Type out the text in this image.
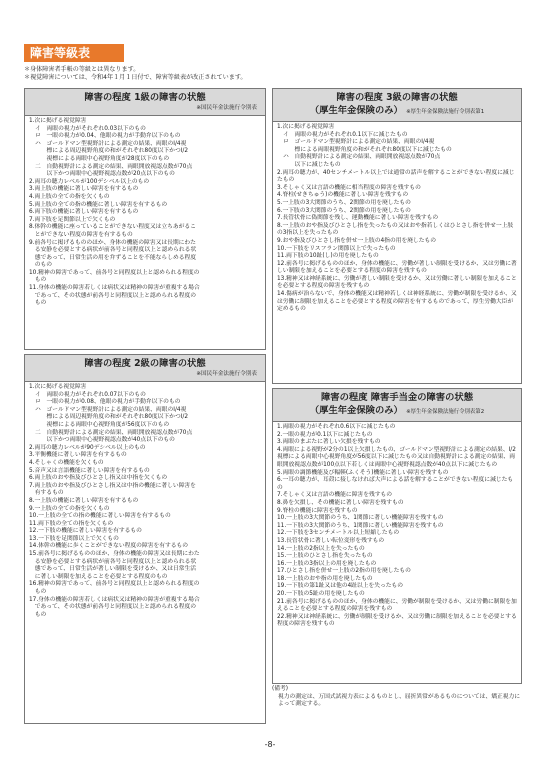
障害等級表
＊身体障害者手帳の等級とは異なります。
＊視覚障害については、令和4年１月１日付で、障害等級表が改正されています。
障害の程度 1級の障害の状態
※国民年金法施行令別表
1.次に掲げる視覚障害
イ　両眼の視力がそれぞれ0.03以下のもの
ロ　一眼の視力が0.04、他眼の視力が手動弁以下のもの
ハ　ゴールドマン型視野計による測定の結果、両眼のⅠ/4視
　　標による周辺視野角度の和がそれぞれ80度以下かつⅠ/2
　　視標による両眼中心視野角度が28度以下のもの
二　自動視野計による測定の結果、両眼開放視認点数が70点
　　以下かつ両眼中心視野視認点数が20点以下のもの
2.両耳の聴力レベルが100デシベル以上のもの
3.両上肢の機能に著しい障害を有するもの
4.両上肢の全ての指を欠くもの
5.両上肢の全ての指の機能に著しい障害を有するもの
6.両下肢の機能に著しい障害を有するもの
7.両下肢を足関節以上で欠くもの
8.体幹の機能に座っていることができない程度又は立ちあがるこ
　とができない程度の障害を有するもの
9.前各号に掲げるもののほか、身体の機能の障害又は長期にわた
　る安静を必要とする病状が前各号と同程度以上と認められる状
　態であって、日常生活の用を弁ずることを不能ならしめる程度
　のもの
10.精神の障害であって、前各号と同程度以上と認められる程度の
　もの
11.身体の機能の障害若しくは病状又は精神の障害が重複する場合
　であって、その状態が前各号と同程度以上と認められる程度の
　もの
障害の程度 2級の障害の状態
※国民年金法施行令別表
1.次に掲げる視覚障害
イ　両眼の視力がそれぞれ0.07以下のもの
ロ　一眼の視力が0.08、他眼の視力が手動弁以下のもの
ハ　ゴールドマン型視野計による測定の結果、両眼のⅠ/4視
　　標による周辺視野角度の和がそれぞれ80度以下かつⅠ/2
　　視標による両眼中心視野角度が56度以下のもの
二　自動視野計による測定の結果、両眼開放視認点数が70点
　　以下かつ両眼中心視野視認点数が40点以下のもの
2.両耳の聴力レベルが90デシベル以上のもの
3.平衡機能に著しい障害を有するもの
4.そしゃくの機能を欠くもの
5.音声又は言語機能に著しい障害を有するもの
6.両上肢のおや指及びひとさし指又は中指を欠くもの
7.両上肢のおや指及びひとさし指又は中指の機能に著しい障害を
　有するもの
8.一上肢の機能に著しい障害を有するもの
9.一上肢の全ての指を欠くもの
10.一上肢の全ての指の機能に著しい障害を有するもの
11.両下肢の全ての指を欠くもの
12.一下肢の機能に著しい障害を有するもの
13.一下肢を足関節以上で欠くもの
14.体幹の機能に歩くことができない程度の障害を有するもの
15.前各号に掲げるもののほか、身体の機能の障害又は長期にわた
　る安静を必要とする病状が前各号と同程度以上と認められる状
　態であって、日常生活が著しい制限を受けるか、又は日常生活
　に著しい制限を加えることを必要とする程度のもの
16.精神の障害であって、前各号と同程度以上と認められる程度の
　もの
17.身体の機能の障害若しくは病状又は精神の障害が重複する場合
　であって、その状態が前各号と同程度以上と認められる程度の
　もの
障害の程度 3級の障害の状態
（厚生年金保険のみ） ※厚生年金保険法施行令別表第1
1.次に掲げる視覚障害
イ　両眼の視力がそれぞれ0.1以下に減じたもの
ロ　ゴールドマン型視野計による測定の結果、両眼のⅠ/4視
　　標による両眼視野角度の和がそれぞれ80度以下に減じたもの
ハ　自動視野計による測定の結果、両眼開放視認点数が70点
　　以下に減じたもの
2.両耳の聴力が、40センチメートル以上では通常の話声を解することができない程度に減じたもの
3.そしゃく又は言語の機能に相当程度の障害を残すもの
4.脊柱(せきちゅう)の機能に著しい障害を残すもの
5.一上肢の3大関節のうち、2関節の用を廃したもの
6.一下肢の3大関節のうち、2関節の用を廃したもの
7.長管状骨に偽関節を残し、運動機能に著しい障害を残すもの
8.一上肢のおや指及びひとさし指を失ったもの又はおや指若しくはひとさし指を併せ一上肢の3指以上を失ったもの
9.おや指及びひとさし指を併せ一上肢の4指の用を廃したもの
10.一下肢をリスフラン関節以上で失ったもの
11.両下肢の10趾(し)の用を廃したもの
12.前各号に掲げるもののほか、身体の機能に、労働が著しい制限を受けるか、又は労働に著しい制限を加えることを必要とする程度の障害を残すもの
13.精神又は神経系統に、労働が著しい制限を受けるか、又は労働に著しい制限を加えることを必要とする程度の障害を残すもの
14.傷病が治らないで、身体の機能又は精神若しくは神経系統に、労働が制限を受けるか、又は労働に制限を加えることを必要とする程度の障害を有するものであって、厚生労働大臣が定めるもの
障害の程度 障害手当金の障害の状態
（厚生年金保険のみ） ※厚生年金保険法施行令別表第2
1.両眼の視力がそれぞれ0.6以下に減じたもの
2.一眼の視力が0.1以下に減じたもの
3.両眼のまぶたに著しい欠損を残すもの
4.両眼による視野が2分の1以上欠損したもの、ゴールドマン型視野計による測定の結果、Ⅰ/2視標による両眼中心視野角度が56度以下に減じたもの又は自動視野計による測定の結果、両眼開放視認点数が100点以下若しくは両眼中心視野視認点数が40点以下に減じたもの
5.両眼の調節機能及び輻輳(ふくそう)機能に著しい障害を残すもの
6.一耳の聴力が、耳殻に接しなければ大声による話を解することができない程度に減じたもの
7.そしゃく又は言語の機能に障害を残すもの
8.鼻を欠損し、その機能に著しい障害を残すもの
9.脊柱の機能に障害を残すもの
10.一上肢の3大関節のうち、1関節に著しい機能障害を残すもの
11.一下肢の3大関節のうち、1関節に著しい機能障害を残すもの
12.一下肢を3センチメートル以上短縮したもの
13.長管状骨に著しい転位変形を残すもの
14.一上肢の2指以上を失ったもの
15.一上肢のひとさし指を失ったもの
16.一上肢の3指以上の用を廃したもの
17.ひとさし指を併せ一上肢の2指の用を廃したもの
18.一上肢のおや指の用を廃したもの
19.一下肢の第1趾又は他の4趾以上を失ったもの
20.一下肢の5趾の用を廃したもの
21.前各号に掲げるもののほか、身体の機能に、労働が制限を受けるか、又は労働に制限を加えることを必要とする程度の障害を残すもの
22.精神又は神経系統に、労働が制限を受けるか、又は労働に制限を加えることを必要とする程度の障害を残すもの
(備考)
視力の測定は、万国式試視力表によるものとし、屈折異常があるものについては、矯正視力によって測定する。
-8-
